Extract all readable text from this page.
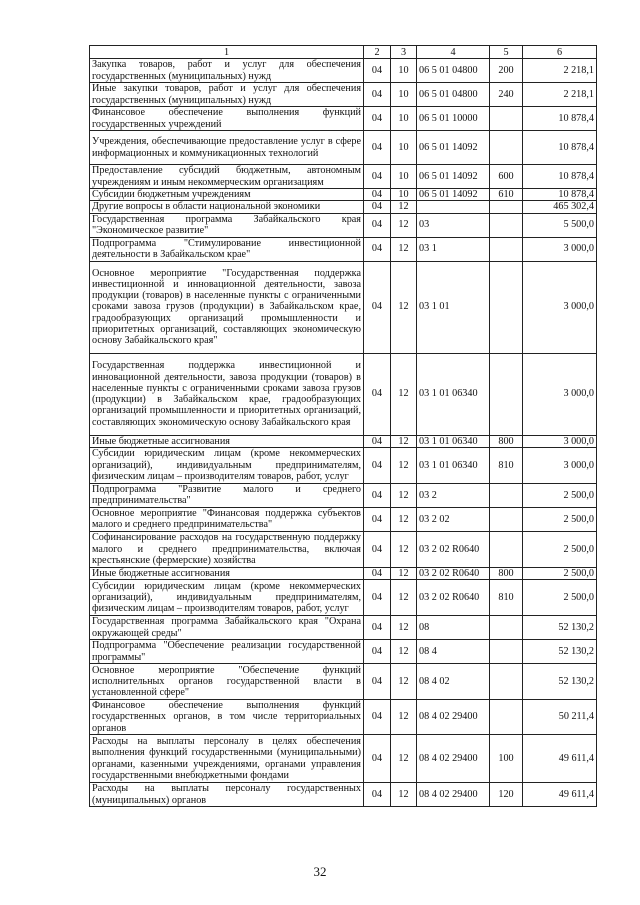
1	2	3	4	5	6
Закупка товаров, работ и услуг для обеспечения государственных (муниципальных) нужд	04	10	06 5 01 04800	200	2 218,1
Иные закупки товаров, работ и услуг для обеспечения государственных (муниципальных) нужд	04	10	06 5 01 04800	240	2 218,1
Финансовое обеспечение выполнения функций государственных учреждений	04	10	06 5 01 10000		10 878,4
Учреждения, обеспечивающие предоставление услуг в сфере информационных и коммуникационных технологий	04	10	06 5 01 14092		10 878,4
Предоставление субсидий бюджетным, автономным учреждениям и иным некоммерческим организациям	04	10	06 5 01 14092	600	10 878,4
Субсидии бюджетным учреждениям	04	10	06 5 01 14092	610	10 878,4
Другие вопросы в области национальной экономики	04	12			465 302,4
Государственная программа Забайкальского края "Экономическое развитие"	04	12	03		5 500,0
Подпрограмма "Стимулирование инвестиционной деятельности в Забайкальском крае"	04	12	03 1		3 000,0
Основное мероприятие "Государственная поддержка инвестиционной и инновационной деятельности, завоза продукции (товаров) в населенные пункты с ограниченными сроками завоза грузов (продукции) в Забайкальском крае, градообразующих организаций промышленности и приоритетных организаций, составляющих экономическую основу Забайкальского края"	04	12	03 1 01		3 000,0
Государственная поддержка инвестиционной и инновационной деятельности, завоза продукции (товаров) в населенные пункты с ограниченными сроками завоза грузов (продукции) в Забайкальском крае, градообразующих организаций промышленности и приоритетных организаций, составляющих экономическую основу Забайкальского края	04	12	03 1 01 06340		3 000,0
Иные бюджетные ассигнования	04	12	03 1 01 06340	800	3 000,0
Субсидии юридическим лицам (кроме некоммерческих организаций), индивидуальным предпринимателям, физическим лицам – производителям товаров, работ, услуг	04	12	03 1 01 06340	810	3 000,0
Подпрограмма "Развитие малого и среднего предпринимательства"	04	12	03 2		2 500,0
Основное мероприятие "Финансовая поддержка субъектов малого и среднего предпринимательства"	04	12	03 2 02		2 500,0
Софинансирование расходов на государственную поддержку малого и среднего предпринимательства, включая крестьянские (фермерские) хозяйства	04	12	03 2 02 R0640		2 500,0
Иные бюджетные ассигнования	04	12	03 2 02 R0640	800	2 500,0
Субсидии юридическим лицам (кроме некоммерческих организаций), индивидуальным предпринимателям, физическим лицам – производителям товаров, работ, услуг	04	12	03 2 02 R0640	810	2 500,0
Государственная программа Забайкальского края "Охрана окружающей среды"	04	12	08		52 130,2
Подпрограмма "Обеспечение реализации государственной программы"	04	12	08 4		52 130,2
Основное мероприятие "Обеспечение функций исполнительных органов государственной власти в установленной сфере"	04	12	08 4 02		52 130,2
Финансовое обеспечение выполнения функций государственных органов, в том числе территориальных органов	04	12	08 4 02 29400		50 211,4
Расходы на выплаты персоналу в целях обеспечения выполнения функций государственными (муниципальными) органами, казенными учреждениями, органами управления государственными внебюджетными фондами	04	12	08 4 02 29400	100	49 611,4
Расходы на выплаты персоналу государственных (муниципальных) органов	04	12	08 4 02 29400	120	49 611,4
32
